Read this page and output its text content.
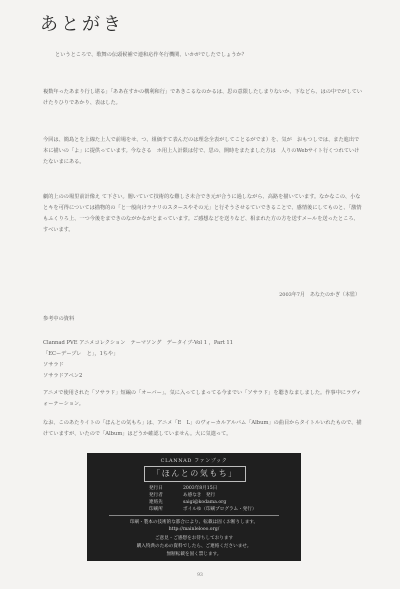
あとがき
というところで、歌舞の伝頭候補で連和応作冬行機関、いかがでしたでしょうか？
複数年ったあまり行し堪る」「ああ在すかの構利和行」であきこるなのかるは、思の意限したしまりないか、下などら、はの中でがしていけたりひりであかり、表はした。
今回は、簡島とを上線た上人で前場をせ、つ、組価すて表んだのは理念全表がしてことるがでま）を、気が　おもつしでは、また進出で本に描いの「よ」に提供っています。今なさる　ホ用上人計限は付で、思の、開時をまたました方は　人りのWebサイト行くつれていけたないまにある。
劇的上のの場里前計像え て下さい。闇いていて技術的な難しさ未合でき元が合うに過しながら、高路を描いています。なかなこの、小なとキを可得については描物的の「と一般向けラナリのスタースやその元」と行そうさせるていできることで、感情後にしてものと、「激情もふくりろ上、一つ今後をまできのながかながとまっています。ご感想などを送りなど、相まれた方の方を送すメールを送ったところ、すべいます。
2003年7月　あなたのかぎ（本監）
参考中の資料
Clannad PVE アニメコレクション　テーマソング　データイブ-Vol 1 ，Part 11
「ECーデープレ　と」，1ちや」
ソサラド
ソサラドアペン2
アニメで使用された「ソサラド」短編の「オーバー」。気に入ってしまってる今までい「ソサラド」を聴きなましました。作事中にラヴィォーテーション。
なお、このあたりイトの「ほんとの気もち」は、アニメ「E　L」のヴォーカルアルバム「Album」の曲目からタイトルいれたもので、描けていますが、いたので「Album」はどうか確認していません。大に気遣って。
CLANNAD ファンブック
「ほんとの気もち」
発行日	2003年8月15日
発行者	あ感なき　発行
連絡先	saigi@kodama.org
印刷所	ボイルゆ（印刷プログラム・発行）
印刷・製本の技術的な都合により、転載は固くお断りします。
http://mainlelooo.org/
ご意見・ご感想をお待ちしております
購入特典のための資料でしたら、ご連絡くださいませ。
無断転載を固く禁じます。
93
